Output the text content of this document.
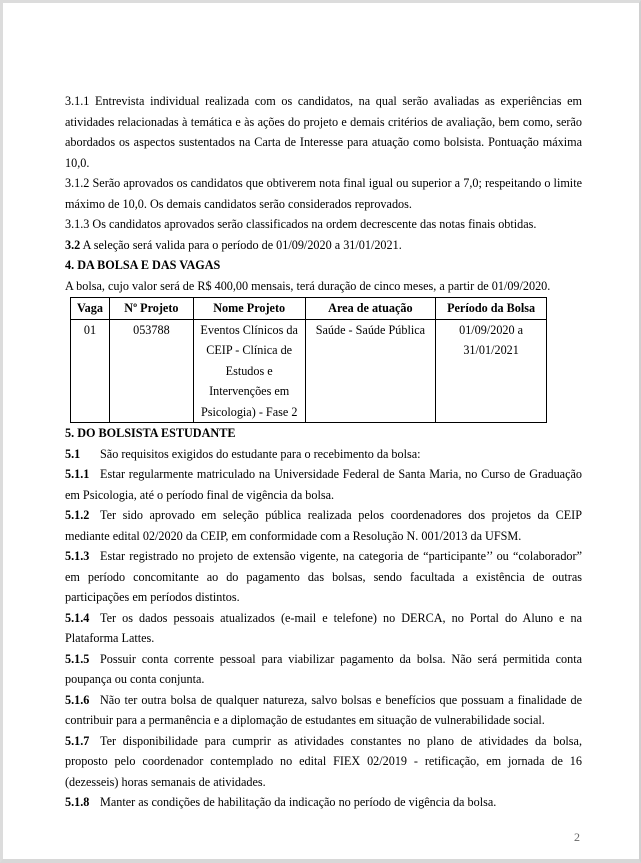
3.1.1 Entrevista individual realizada com os candidatos, na qual serão avaliadas as experiências em atividades relacionadas à temática e às ações do projeto e demais critérios de avaliação, bem como, serão abordados os aspectos sustentados na Carta de Interesse para atuação como bolsista. Pontuação máxima 10,0.

3.1.2 Serão aprovados os candidatos que obtiverem nota final igual ou superior a 7,0; respeitando o limite máximo de 10,0. Os demais candidatos serão considerados reprovados.

3.1.3 Os candidatos aprovados serão classificados na ordem decrescente das notas finais obtidas.

3.2 A seleção será valida para o período de 01/09/2020 a 31/01/2021.

4. DA BOLSA E DAS VAGAS

A bolsa, cujo valor será de R$ 400,00 mensais, terá duração de cinco meses, a partir de 01/09/2020.

Vaga	Nº Projeto	Nome Projeto	Area de atuação	Período da Bolsa
01	053788	Eventos Clínicos da CEIP - Clínica de Estudos e Intervenções em Psicologia) - Fase 2	Saúde - Saúde Pública	01/09/2020 a 31/01/2021

5. DO BOLSISTA ESTUDANTE

5.1 São requisitos exigidos do estudante para o recebimento da bolsa:

5.1.1 Estar regularmente matriculado na Universidade Federal de Santa Maria, no Curso de Graduação em Psicologia, até o período final de vigência da bolsa.

5.1.2 Ter sido aprovado em seleção pública realizada pelos coordenadores dos projetos da CEIP mediante edital 02/2020 da CEIP, em conformidade com a Resolução N. 001/2013 da UFSM.

5.1.3 Estar registrado no projeto de extensão vigente, na categoria de “participante’’ ou “colaborador” em período concomitante ao do pagamento das bolsas, sendo facultada a existência de outras participações em períodos distintos.

5.1.4 Ter os dados pessoais atualizados (e-mail e telefone) no DERCA, no Portal do Aluno e na Plataforma Lattes.

5.1.5 Possuir conta corrente pessoal para viabilizar pagamento da bolsa. Não será permitida conta poupança ou conta conjunta.

5.1.6 Não ter outra bolsa de qualquer natureza, salvo bolsas e benefícios que possuam a finalidade de contribuir para a permanência e a diplomação de estudantes em situação de vulnerabilidade social.

5.1.7 Ter disponibilidade para cumprir as atividades constantes no plano de atividades da bolsa, proposto pelo coordenador contemplado no edital FIEX 02/2019 - retificação, em jornada de 16 (dezesseis) horas semanais de atividades.

5.1.8 Manter as condições de habilitação da indicação no período de vigência da bolsa.

2
